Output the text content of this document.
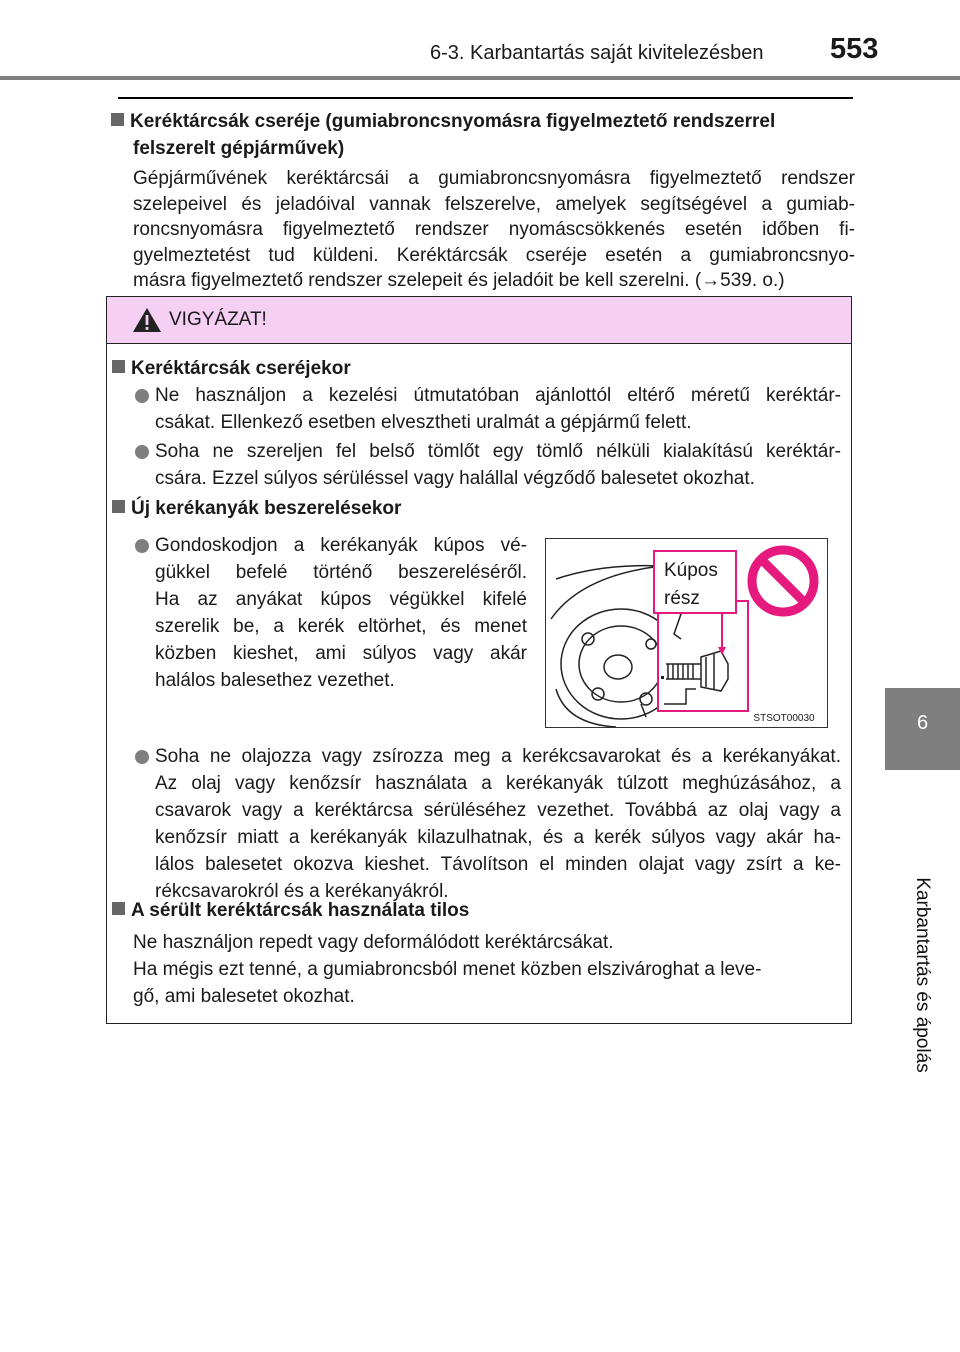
6-3. Karbantartás saját kivitelezésben 553
6
Karbantartás és ápolás
Keréktárcsák cseréje (gumiabroncsnyomásra figyelmeztető rendszerrel
felszerelt gépjárművek)
Gépjárművének keréktárcsái a gumiabroncsnyomásra figyelmeztető rendszer
szelepeivel és jeladóival vannak felszerelve, amelyek segítségével a gumiab-
roncsnyomásra figyelmeztető rendszer nyomáscsökkenés esetén időben fi-
gyelmeztetést tud küldeni. Keréktárcsák cseréje esetén a gumiabroncsnyo-
másra figyelmeztető rendszer szelepeit és jeladóit be kell szerelni. (→539. o.)
VIGYÁZAT!
Keréktárcsák cseréjekor
Ne használjon a kezelési útmutatóban ajánlottól eltérő méretű keréktár-
csákat. Ellenkező esetben elvesztheti uralmát a gépjármű felett.
Soha ne szereljen fel belső tömlőt egy tömlő nélküli kialakítású keréktár-
csára. Ezzel súlyos sérüléssel vagy halállal végződő balesetet okozhat.
Új kerékanyák beszerelésekor
Gondoskodjon a kerékanyák kúpos vé-
gükkel befelé történő beszereléséről.
Ha az anyákat kúpos végükkel kifelé
szerelik be, a kerék eltörhet, és menet
közben kieshet, ami súlyos vagy akár
halálos balesethez vezethet.
Kúpos
rész
STSOT00030
Soha ne olajozza vagy zsírozza meg a kerékcsavarokat és a kerékanyákat.
Az olaj vagy kenőzsír használata a kerékanyák túlzott meghúzásához, a
csavarok vagy a keréktárcsa sérüléséhez vezethet. Továbbá az olaj vagy a
kenőzsír miatt a kerékanyák kilazulhatnak, és a kerék súlyos vagy akár ha-
lálos balesetet okozva kieshet. Távolítson el minden olajat vagy zsírt a ke-
rékcsavarokról és a kerékanyákról.
A sérült keréktárcsák használata tilos
Ne használjon repedt vagy deformálódott keréktárcsákat.
Ha mégis ezt tenné, a gumiabroncsból menet közben elszivároghat a leve-
gő, ami balesetet okozhat.
